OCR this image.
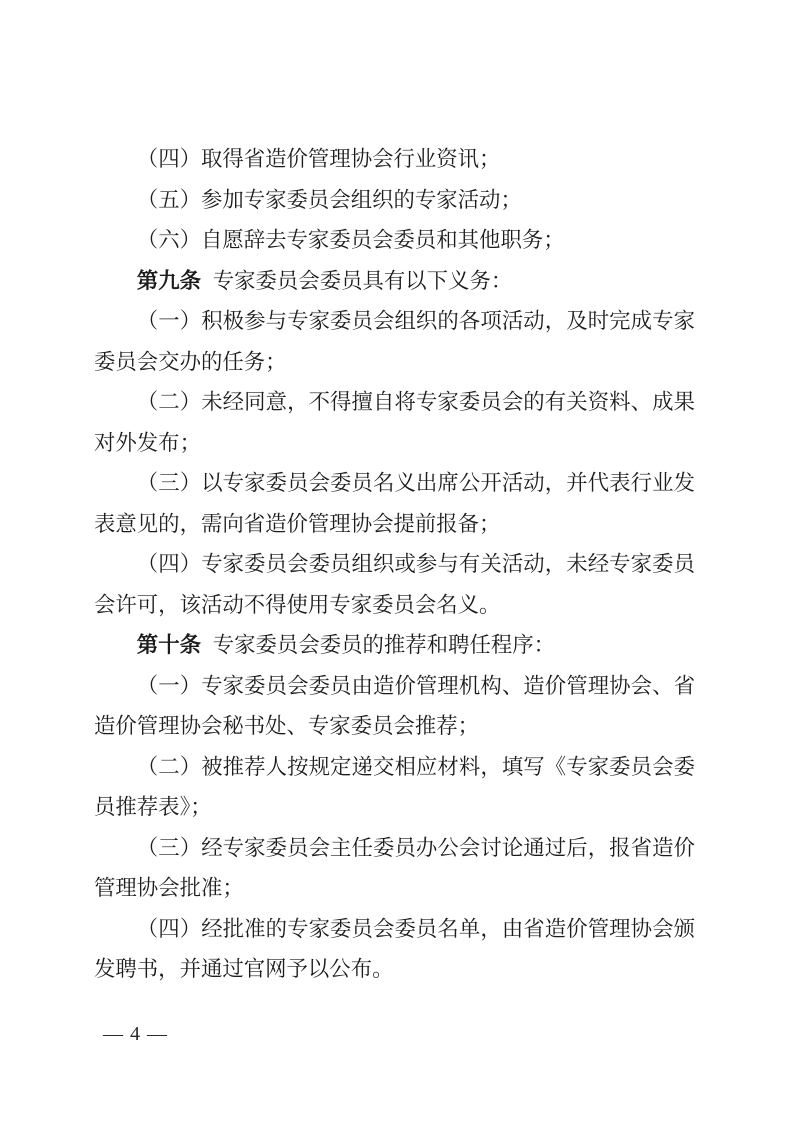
（四）取得省造价管理协会行业资讯；

（五）参加专家委员会组织的专家活动；

（六）自愿辞去专家委员会委员和其他职务；

第九条 专家委员会委员具有以下义务：

（一）积极参与专家委员会组织的各项活动，及时完成专家委员会交办的任务；

（二）未经同意，不得擅自将专家委员会的有关资料、成果对外发布；

（三）以专家委员会委员名义出席公开活动，并代表行业发表意见的，需向省造价管理协会提前报备；

（四）专家委员会委员组织或参与有关活动，未经专家委员会许可，该活动不得使用专家委员会名义。

第十条 专家委员会委员的推荐和聘任程序：

（一）专家委员会委员由造价管理机构、造价管理协会、省造价管理协会秘书处、专家委员会推荐；

（二）被推荐人按规定递交相应材料，填写《专家委员会委员推荐表》；

（三）经专家委员会主任委员办公会讨论通过后，报省造价管理协会批准；

（四）经批准的专家委员会委员名单，由省造价管理协会颁发聘书，并通过官网予以公布。

— 4 —
